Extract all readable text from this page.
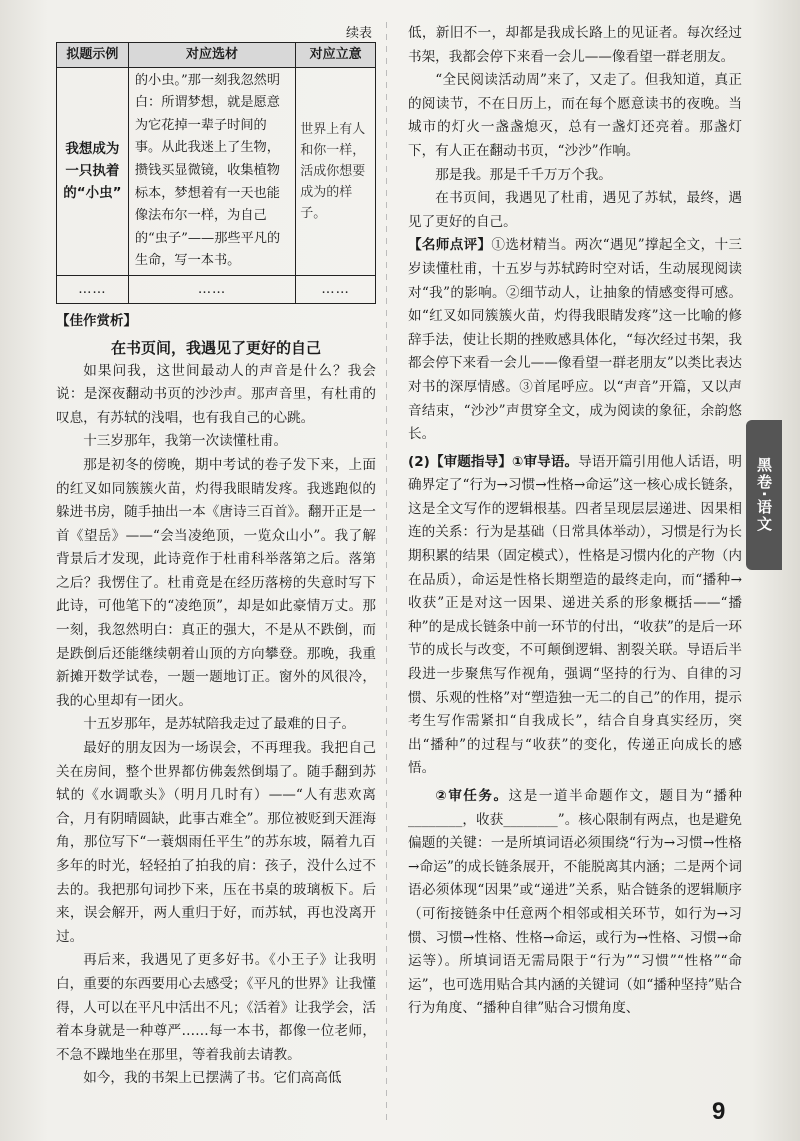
续表
拟题示例	对应选材	对应立意
我想成为一只执着的“小虫”	的小虫。”那一刻我忽然明白：所谓梦想，就是愿意为它花掉一辈子时间的事。从此我迷上了生物，攒钱买显微镜，收集植物标本，梦想着有一天也能像法布尔一样，为自己的“虫子”——那些平凡的生命，写一本书。	世界上有人和你一样，活成你想要成为的样子。
……	……	……
【佳作赏析】
在书页间，我遇见了更好的自己

如果问我，这世间最动人的声音是什么？我会说：是深夜翻动书页的沙沙声。那声音里，有杜甫的叹息，有苏轼的浅唱，也有我自己的心跳。

十三岁那年，我第一次读懂杜甫。

那是初冬的傍晚，期中考试的卷子发下来，上面的红叉如同簇簇火苗，灼得我眼睛发疼。我逃跑似的躲进书房，随手抽出一本《唐诗三百首》。翻开正是一首《望岳》——“会当凌绝顶，一览众山小”。我了解背景后才发现，此诗竟作于杜甫科举落第之后。落第之后？我愣住了。杜甫竟是在经历落榜的失意时写下此诗，可他笔下的“凌绝顶”，却是如此豪情万丈。那一刻，我忽然明白：真正的强大，不是从不跌倒，而是跌倒后还能继续朝着山顶的方向攀登。那晚，我重新摊开数学试卷，一题一题地订正。窗外的风很冷，我的心里却有一团火。

十五岁那年，是苏轼陪我走过了最难的日子。

最好的朋友因为一场误会，不再理我。我把自己关在房间，整个世界都仿佛轰然倒塌了。随手翻到苏轼的《水调歌头》（明月几时有）——“人有悲欢离合，月有阴晴圆缺，此事古难全”。那位被贬到天涯海角，那位写下“一蓑烟雨任平生”的苏东坡，隔着九百多年的时光，轻轻拍了拍我的肩：孩子，没什么过不去的。我把那句词抄下来，压在书桌的玻璃板下。后来，误会解开，两人重归于好，而苏轼，再也没离开过。

再后来，我遇见了更多好书。《小王子》让我明白，重要的东西要用心去感受；《平凡的世界》让我懂得，人可以在平凡中活出不凡；《活着》让我学会，活着本身就是一种尊严……每一本书，都像一位老师，不急不躁地坐在那里，等着我前去请教。

如今，我的书架上已摆满了书。它们高高低

低，新旧不一，却都是我成长路上的见证者。每次经过书架，我都会停下来看一会儿——像看望一群老朋友。

“全民阅读活动周”来了，又走了。但我知道，真正的阅读节，不在日历上，而在每个愿意读书的夜晚。当城市的灯火一盏盏熄灭，总有一盏灯还亮着。那盏灯下，有人正在翻动书页，“沙沙”作响。

那是我。那是千千万万个我。

在书页间，我遇见了杜甫，遇见了苏轼，最终，遇见了更好的自己。

【名师点评】①选材精当。两次“遇见”撑起全文，十三岁读懂杜甫，十五岁与苏轼跨时空对话，生动展现阅读对“我”的影响。②细节动人，让抽象的情感变得可感。如“红叉如同簇簇火苗，灼得我眼睛发疼”这一比喻的修辞手法，使让长期的挫败感具体化，“每次经过书架，我都会停下来看一会儿——像看望一群老朋友”以类比表达对书的深厚情感。③首尾呼应。以“声音”开篇，又以声音结束，“沙沙”声贯穿全文，成为阅读的象征，余韵悠长。

(2)【审题指导】①审导语。导语开篇引用他人话语，明确界定了“行为→习惯→性格→命运”这一核心成长链条，这是全文写作的逻辑根基。四者呈现层层递进、因果相连的关系：行为是基础（日常具体举动），习惯是行为长期积累的结果（固定模式），性格是习惯内化的产物（内在品质），命运是性格长期塑造的最终走向，而“播种→收获”正是对这一因果、递进关系的形象概括——“播种”的是成长链条中前一环节的付出，“收获”的是后一环节的成长与改变，不可颠倒逻辑、割裂关联。导语后半段进一步聚焦写作视角，强调“坚持的行为、自律的习惯、乐观的性格”对“塑造独一无二的自己”的作用，提示考生写作需紧扣“自我成长”，结合自身真实经历，突出“播种”的过程与“收获”的变化，传递正向成长的感悟。

②审任务。这是一道半命题作文，题目为“播种________，收获________”。核心限制有两点，也是避免偏题的关键：一是所填词语必须围绕“行为→习惯→性格→命运”的成长链条展开，不能脱离其内涵；二是两个词语必须体现“因果”或“递进”关系，贴合链条的逻辑顺序（可衔接链条中任意两个相邻或相关环节，如行为→习惯、习惯→性格、性格→命运，或行为→性格、习惯→命运等）。所填词语无需局限于“行为”“习惯”“性格”“命运”，也可选用贴合其内涵的关键词（如“播种坚持”贴合行为角度、“播种自律”贴合习惯角度、

黑卷·语文
9
